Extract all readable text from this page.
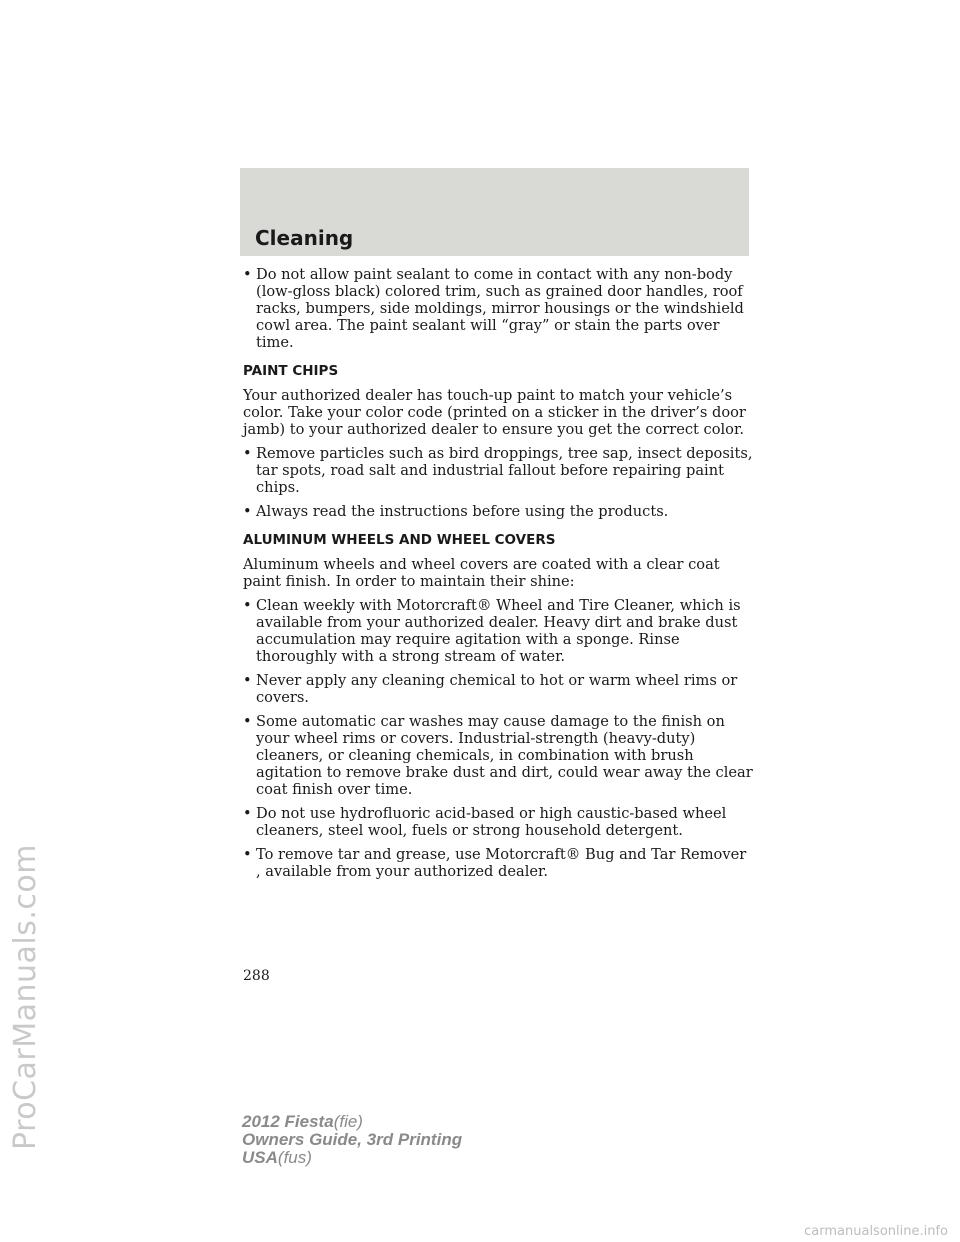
ProCarManuals.com
Cleaning
• Do not allow paint sealant to come in contact with any non-body (low-gloss black) colored trim, such as grained door handles, roof racks, bumpers, side moldings, mirror housings or the windshield cowl area. The paint sealant will “gray” or stain the parts over time.
PAINT CHIPS
Your authorized dealer has touch-up paint to match your vehicle’s color. Take your color code (printed on a sticker in the driver’s door jamb) to your authorized dealer to ensure you get the correct color.
• Remove particles such as bird droppings, tree sap, insect deposits, tar spots, road salt and industrial fallout before repairing paint chips.
• Always read the instructions before using the products.
ALUMINUM WHEELS AND WHEEL COVERS
Aluminum wheels and wheel covers are coated with a clear coat paint finish. In order to maintain their shine:
• Clean weekly with Motorcraft® Wheel and Tire Cleaner, which is available from your authorized dealer. Heavy dirt and brake dust accumulation may require agitation with a sponge. Rinse thoroughly with a strong stream of water.
• Never apply any cleaning chemical to hot or warm wheel rims or covers.
• Some automatic car washes may cause damage to the finish on your wheel rims or covers. Industrial-strength (heavy-duty) cleaners, or cleaning chemicals, in combination with brush agitation to remove brake dust and dirt, could wear away the clear coat finish over time.
• Do not use hydrofluoric acid-based or high caustic-based wheel cleaners, steel wool, fuels or strong household detergent.
• To remove tar and grease, use Motorcraft® Bug and Tar Remover , available from your authorized dealer.
288
2012 Fiesta(fie)
Owners Guide, 3rd Printing
USA(fus)
carmanualsonline.info
